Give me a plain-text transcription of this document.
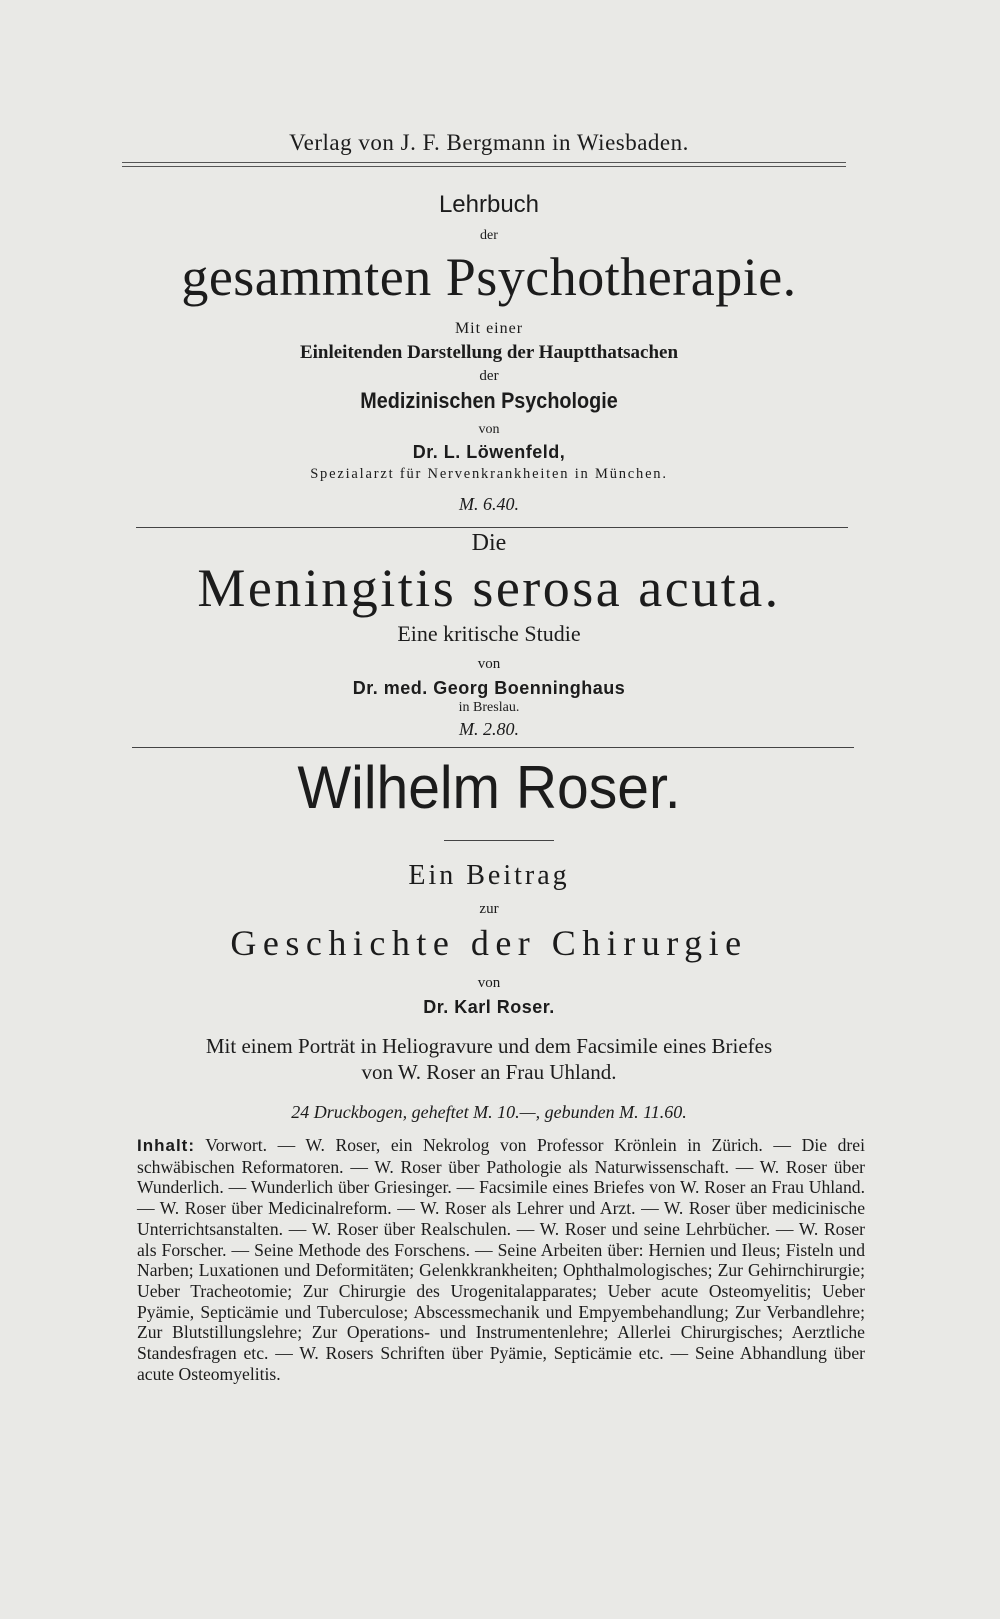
Verlag von J. F. Bergmann in Wiesbaden.
Lehrbuch
der
gesammten Psychotherapie.
Mit einer
Einleitenden Darstellung der Hauptthatsachen
der
Medizinischen Psychologie
von
Dr. L. Löwenfeld,
Spezialarzt für Nervenkrankheiten in München.
M. 6.40.
Die
Meningitis serosa acuta.
Eine kritische Studie
von
Dr. med. Georg Boenninghaus
in Breslau.
M. 2.80.
Wilhelm Roser.
Ein Beitrag
zur
Geschichte der Chirurgie
von
Dr. Karl Roser.
Mit einem Porträt in Heliogravure und dem Facsimile eines Briefes
von W. Roser an Frau Uhland.
24 Druckbogen, geheftet M. 10.—, gebunden M. 11.60.
Inhalt: Vorwort. — W. Roser, ein Nekrolog von Professor Krönlein in Zürich. — Die drei schwäbischen Reformatoren. — W. Roser über Pathologie als Naturwissenschaft. — W. Roser über Wunderlich. — Wunderlich über Griesinger. — Facsimile eines Briefes von W. Roser an Frau Uhland. — W. Roser über Medicinalreform. — W. Roser als Lehrer und Arzt. — W. Roser über medicinische Unterrichtsanstalten. — W. Roser über Realschulen. — W. Roser und seine Lehrbücher. — W. Roser als Forscher. — Seine Methode des Forschens. — Seine Arbeiten über: Hernien und Ileus; Fisteln und Narben; Luxationen und Deformitäten; Gelenkkrankheiten; Ophthalmologisches; Zur Gehirnchirurgie; Ueber Tracheotomie; Zur Chirurgie des Urogenitalapparates; Ueber acute Osteomyelitis; Ueber Pyämie, Septicämie und Tuberculose; Abscessmechanik und Empyembehandlung; Zur Verbandlehre; Zur Blutstillungslehre; Zur Operations- und Instrumentenlehre; Allerlei Chirurgisches; Aerztliche Standesfragen etc. — W. Rosers Schriften über Pyämie, Septicämie etc. — Seine Abhandlung über acute Osteomyelitis.
